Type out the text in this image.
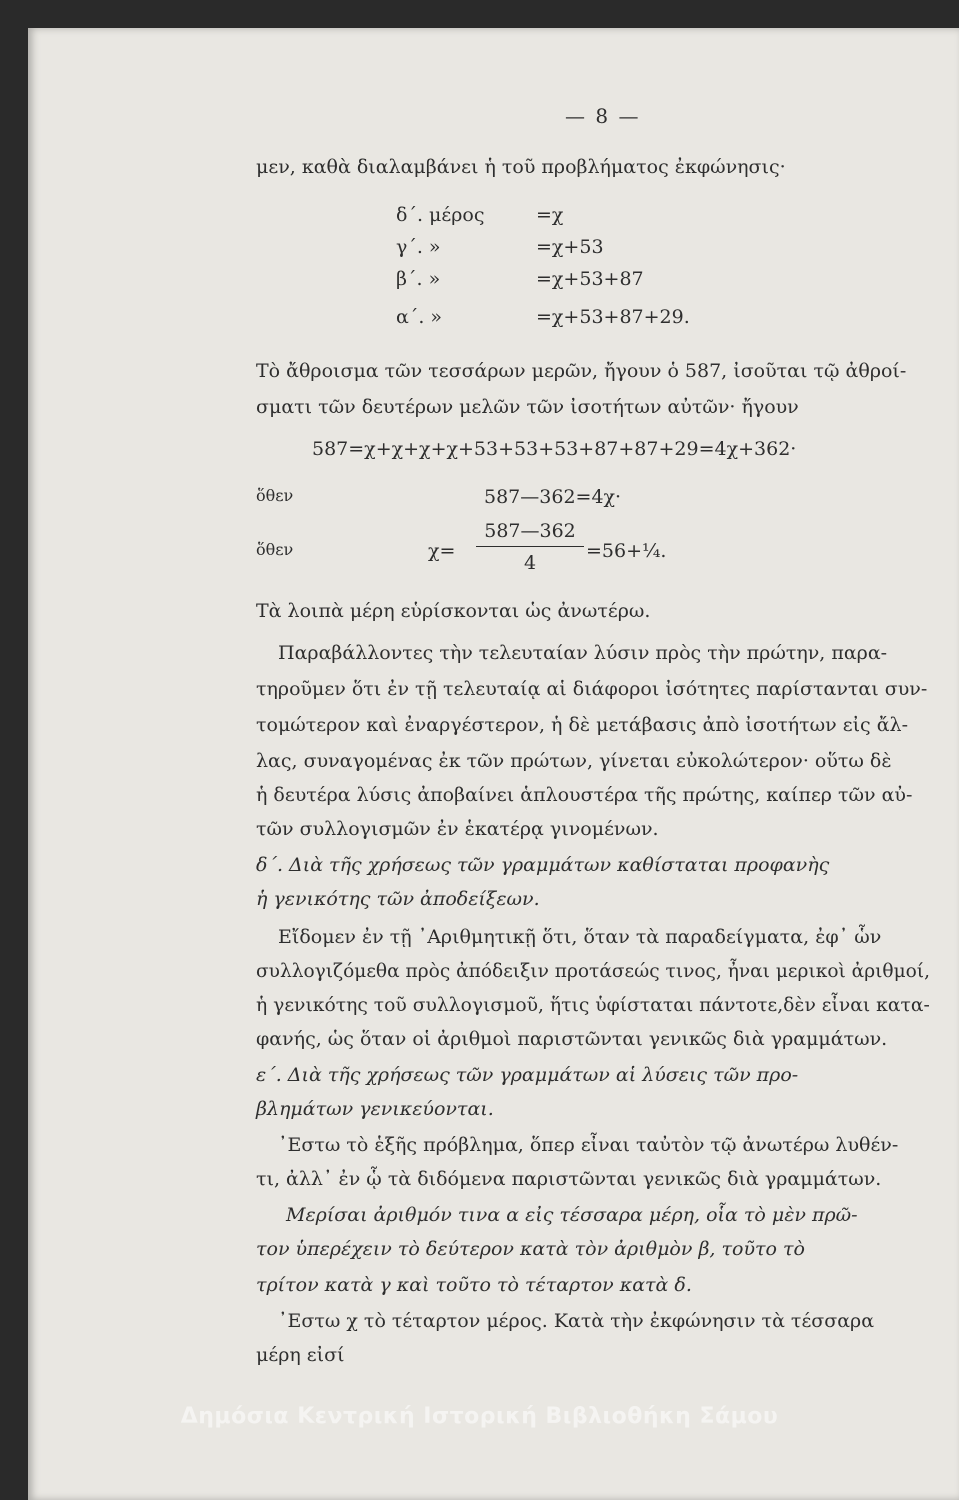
— 8 —
μεν, καθὰ διαλαμβάνει ἡ τοῦ προβλήματος ἐκφώνησις·
δ΄. μέρος	=χ
γ΄. »	=χ+53
β΄. »	=χ+53+87
α΄. »	=χ+53+87+29.
Τὸ ἄθροισμα τῶν τεσσάρων μερῶν, ἤγουν ὁ 587, ἰσοῦται τῷ ἀθροί-
σματι τῶν δευτέρων μελῶν τῶν ἰσοτήτων αὐτῶν· ἤγουν
587=χ+χ+χ+χ+53+53+53+87+87+29=4χ+362·
ὅθεν	587—362=4χ·
ὅθεν	χ=
587—362
4
=56+¼.
Τὰ λοιπὰ μέρη εὑρίσκονται ὡς ἀνωτέρω.
Παραβάλλοντες τὴν τελευταίαν λύσιν πρὸς τὴν πρώτην, παρα-
τηροῦμεν ὅτι ἐν τῇ τελευταίᾳ αἱ διάφοροι ἰσότητες παρίστανται συν-
τομώτερον καὶ ἐναργέστερον, ἡ δὲ μετάβασις ἀπὸ ἰσοτήτων εἰς ἄλ-
λας, συναγομένας ἐκ τῶν πρώτων, γίνεται εὐκολώτερον· οὕτω δὲ
ἡ δευτέρα λύσις ἀποβαίνει ἁπλουστέρα τῆς πρώτης, καίπερ τῶν αὐ-
τῶν συλλογισμῶν ἐν ἑκατέρᾳ γινομένων.
δ΄. Διὰ τῆς χρήσεως τῶν γραμμάτων καθίσταται προφανὴς
ἡ γενικότης τῶν ἀποδείξεων.
Εἴδομεν ἐν τῇ ᾽Αριθμητικῇ ὅτι, ὅταν τὰ παραδείγματα, ἐφ᾽ ὧν
συλλογιζόμεθα πρὸς ἀπόδειξιν προτάσεώς τινος, ἦναι μερικοὶ ἀριθμοί,
ἡ γενικότης τοῦ συλλογισμοῦ, ἥτις ὑφίσταται πάντοτε,δὲν εἶναι κατα-
φανής, ὡς ὅταν οἱ ἀριθμοὶ παριστῶνται γενικῶς διὰ γραμμάτων.
ε΄. Διὰ τῆς χρήσεως τῶν γραμμάτων αἱ λύσεις τῶν προ-
βλημάτων γενικεύονται.
᾽Εστω τὸ ἑξῆς πρόβλημα, ὅπερ εἶναι ταὐτὸν τῷ ἀνωτέρω λυθέν-
τι, ἀλλ᾽ ἐν ᾧ τὰ διδόμενα παριστῶνται γενικῶς διὰ γραμμάτων.
Μερίσαι ἀριθμόν τινα α εἰς τέσσαρα μέρη, οἷα τὸ μὲν πρῶ-
τον ὑπερέχειν τὸ δεύτερον κατὰ τὸν ἀριθμὸν β, τοῦτο τὸ
τρίτον κατὰ γ καὶ τοῦτο τὸ τέταρτον κατὰ δ.
᾽Εστω χ τὸ τέταρτον μέρος. Κατὰ τὴν ἐκφώνησιν τὰ τέσσαρα
μέρη εἰσί
Δημόσια Κεντρική Ιστορική Βιβλιοθήκη Σάμου
